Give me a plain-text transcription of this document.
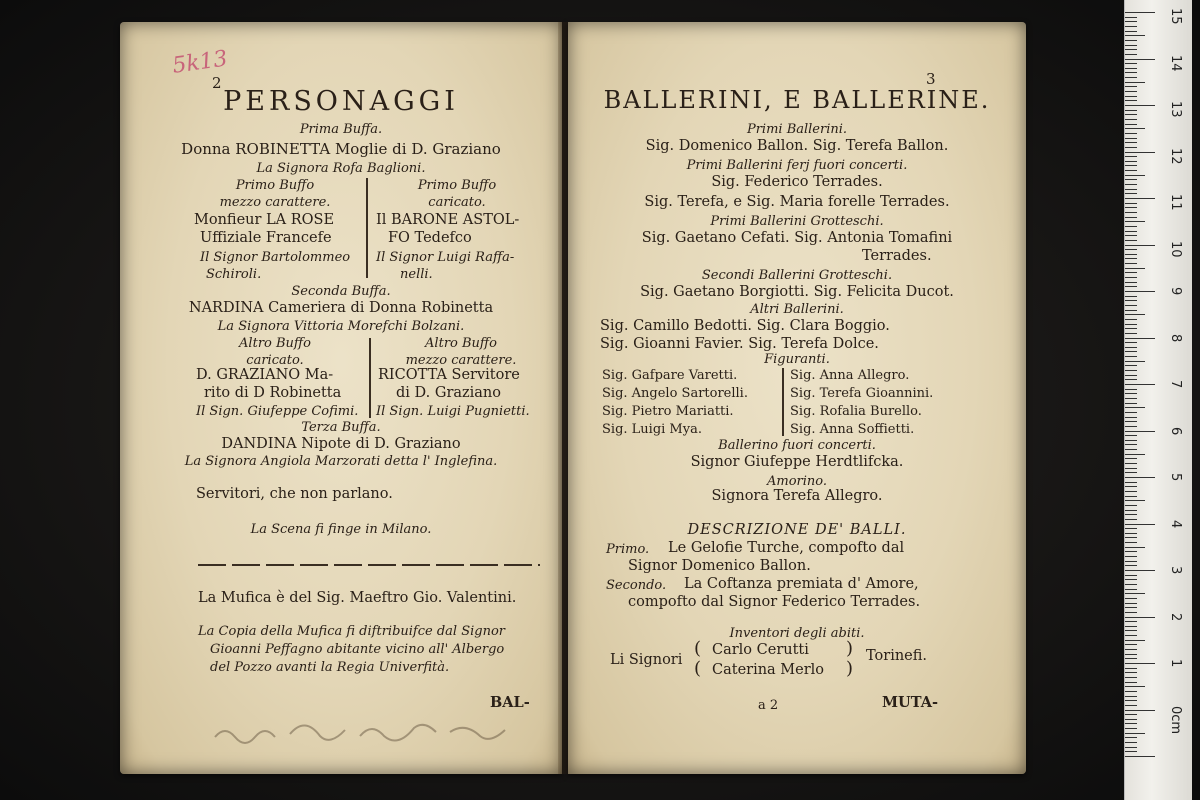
15
14
13
12
11
10
9
8
7
6
5
4
3
2
1
0cm
5k13
2
PERSONAGGI
Prima Buffa.
Donna ROBINETTA Moglie di D. Graziano
La Signora Rofa Baglioni.
Primo Buffo
mezzo carattere.
Primo Buffo
caricato.
Monfieur LA ROSE
Uffiziale Francefe
Il BARONE ASTOL-
FO Tedefco
Il Signor Bartolommeo
Schiroli.
Il Signor Luigi Raffa-
nelli.
Seconda Buffa.
NARDINA Cameriera di Donna Robinetta
La Signora Vittoria Morefchi Bolzani.
Altro Buffo
caricato.
Altro Buffo
mezzo carattere.
D. GRAZIANO Ma-
rito di D Robinetta
RICOTTA Servitore
di D. Graziano
Il Sign. Giufeppe Cofimi. Il Sign. Luigi Pugnietti.
Terza Buffa.
DANDINA Nipote di D. Graziano
La Signora Angiola Marzorati detta l' Inglefina.
Servitori, che non parlano.
La Scena fi finge in Milano.
La Mufica è del Sig. Maeftro Gio. Valentini.
La Copia della Mufica fi diftribuifce dal Signor
Gioanni Peffagno abitante vicino all' Albergo
del Pozzo avanti la Regia Univerfità.
BAL-
BALLERINI, E BALLERINE.
3
Primi Ballerini.
Sig. Domenico Ballon. Sig. Terefa Ballon.
Primi Ballerini ferj fuori concerti.
Sig. Federico Terrades.
Sig. Terefa, e Sig. Maria forelle Terrades.
Primi Ballerini Grotteschi.
Sig. Gaetano Cefati. Sig. Antonia Tomafini
Terrades.
Secondi Ballerini Grotteschi.
Sig. Gaetano Borgiotti. Sig. Felicita Ducot.
Altri Ballerini.
Sig. Camillo Bedotti. Sig. Clara Boggio.
Sig. Gioanni Favier. Sig. Terefa Dolce.
Figuranti.
Sig. Gafpare Varetti.
Sig. Angelo Sartorelli.
Sig. Pietro Mariatti.
Sig. Luigi Mya.
Sig. Anna Allegro.
Sig. Terefa Gioannini.
Sig. Rofalia Burello.
Sig. Anna Soffietti.
Ballerino fuori concerti.
Signor Giufeppe Herdtlifcka.
Amorino.
Signora Terefa Allegro.
DESCRIZIONE DE' BALLI.
Primo. Le Gelofie Turche, compofto dal
Signor Domenico Ballon.
Secondo. La Coftanza premiata d' Amore,
compofto dal Signor Federico Terrades.
Inventori degli abiti.
Li Signori
(
(
Carlo Cerutti
Caterina Merlo
)
)
Torinefi.
a 2	MUTA-
